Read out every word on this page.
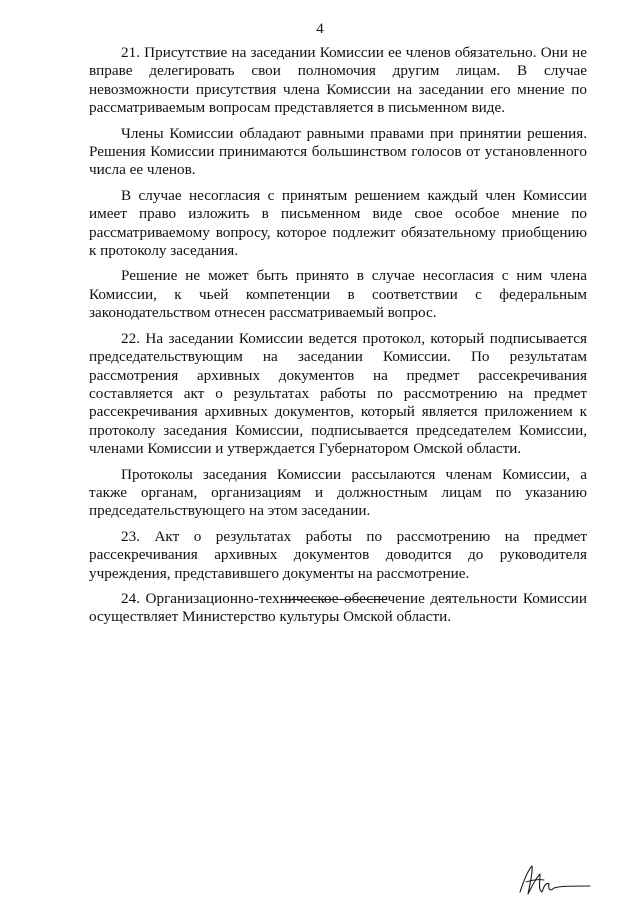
4

21. Присутствие на заседании Комиссии ее членов обязательно. Они не вправе делегировать свои полномочия другим лицам. В случае невозможности присутствия члена Комиссии на заседании его мнение по рассматриваемым вопросам представляется в письменном виде.

Члены Комиссии обладают равными правами при принятии решения. Решения Комиссии принимаются большинством голосов от установленного числа ее членов.

В случае несогласия с принятым решением каждый член Комиссии имеет право изложить в письменном виде свое особое мнение по рассматриваемому вопросу, которое подлежит обязательному приобщению к протоколу заседания.

Решение не может быть принято в случае несогласия с ним члена Комиссии, к чьей компетенции в соответствии с федеральным законодательством отнесен рассматриваемый вопрос.

22. На заседании Комиссии ведется протокол, который подписывается председательствующим на заседании Комиссии. По результатам рассмотрения архивных документов на предмет рассекречивания составляется акт о результатах работы по рассмотрению на предмет рассекречивания архивных документов, который является приложением к протоколу заседания Комиссии, подписывается председателем Комиссии, членами Комиссии и утверждается Губернатором Омской области.

Протоколы заседания Комиссии рассылаются членам Комиссии, а также органам, организациям и должностным лицам по указанию председательствующего на этом заседании.

23. Акт о результатах работы по рассмотрению на предмет рассекречивания архивных документов доводится до руководителя учреждения, представившего документы на рассмотрение.

24. Организационно-техническое обеспечение деятельности Комиссии осуществляет Министерство культуры Омской области.
